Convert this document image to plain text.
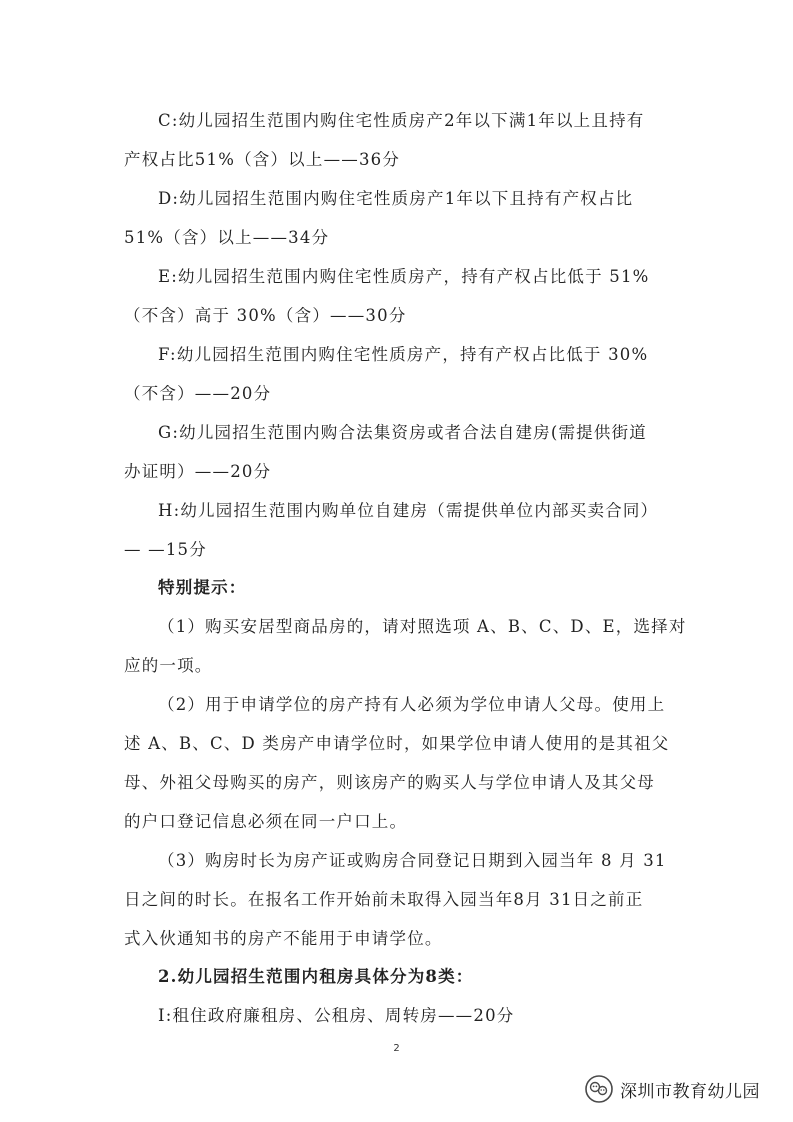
C:幼儿园招生范围内购住宅性质房产2年以下满1年以上且持有
产权占比51%（含）以上——36分
D:幼儿园招生范围内购住宅性质房产1年以下且持有产权占比
51%（含）以上——34分
E:幼儿园招生范围内购住宅性质房产，持有产权占比低于 51%
（不含）高于 30%（含）——30分
F:幼儿园招生范围内购住宅性质房产，持有产权占比低于 30%
（不含）——20分
G:幼儿园招生范围内购合法集资房或者合法自建房(需提供街道
办证明）——20分
H:幼儿园招生范围内购单位自建房（需提供单位内部买卖合同）
— —15分
特别提示：
（1）购买安居型商品房的，请对照选项 A、B、C、D、E，选择对
应的一项。
（2）用于申请学位的房产持有人必须为学位申请人父母。使用上
述 A、B、C、D 类房产申请学位时，如果学位申请人使用的是其祖父
母、外祖父母购买的房产，则该房产的购买人与学位申请人及其父母
的户口登记信息必须在同一户口上。
（3）购房时长为房产证或购房合同登记日期到入园当年 8 月 31
日之间的时长。在报名工作开始前未取得入园当年8月 31日之前正
式入伙通知书的房产不能用于申请学位。
2.幼儿园招生范围内租房具体分为8类：
I:租住政府廉租房、公租房、周转房——20分
2
深圳市教育幼儿园
